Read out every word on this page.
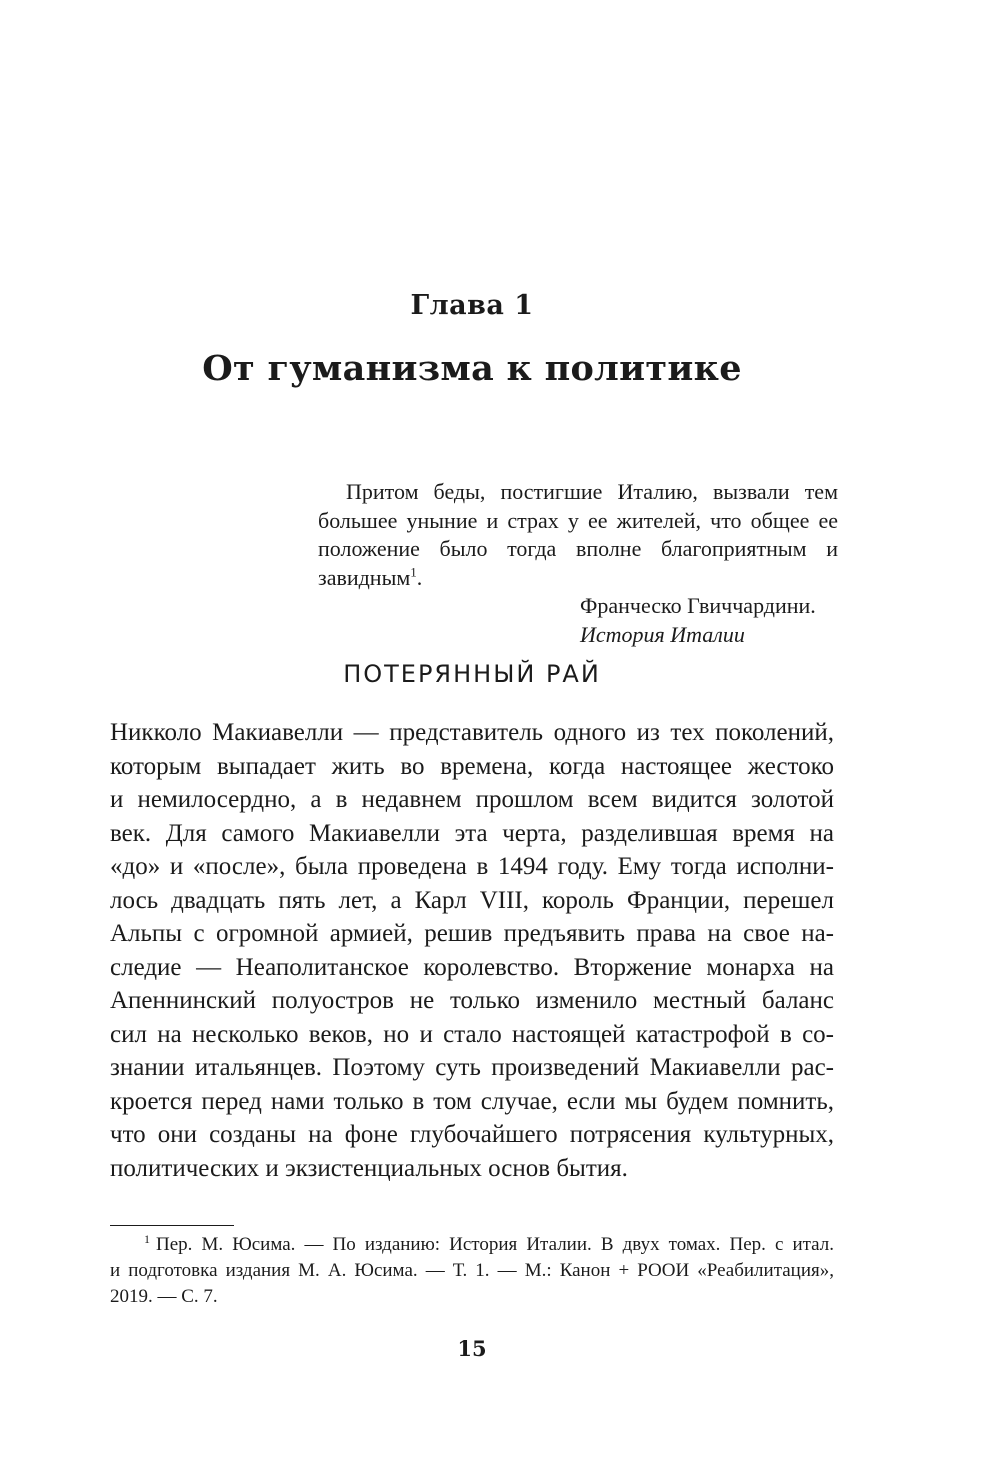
Глава 1
От гуманизма к политике

Притом беды, постигшие Италию, вызвали тем большее уныние и страх у ее жителей, что общее ее положение было тогда вполне благоприятным и завидным$^1$.

Франческо Гвиччардини.
История Италии

ПОТЕРЯННЫЙ РАЙ

Никколо Макиавелли — представитель одного из тех поколений,
которым выпадает жить во времена, когда настоящее жестоко
и немилосердно, а в недавнем прошлом всем видится золотой
век. Для самого Макиавелли эта черта, разделившая время на
«до» и «после», была проведена в 1494 году. Ему тогда исполни-
лось двадцать пять лет, а Карл VIII, король Франции, перешел
Альпы с огромной армией, решив предъявить права на свое на-
следие — Неаполитанское королевство. Вторжение монарха на
Апеннинский полуостров не только изменило местный баланс
сил на несколько веков, но и стало настоящей катастрофой в со-
знании итальянцев. Поэтому суть произведений Макиавелли рас-
кроется перед нами только в том случае, если мы будем помнить,
что они созданы на фоне глубочайшего потрясения культурных,
политических и экзистенциальных основ бытия.

$^1$ Пер. М. Юсима. — По изданию: История Италии. В двух томах. Пер. с итал.
и подготовка издания М. А. Юсима. — Т. 1. — М.: Канон + РООИ «Реабилитация»,
2019. — С. 7.

15
